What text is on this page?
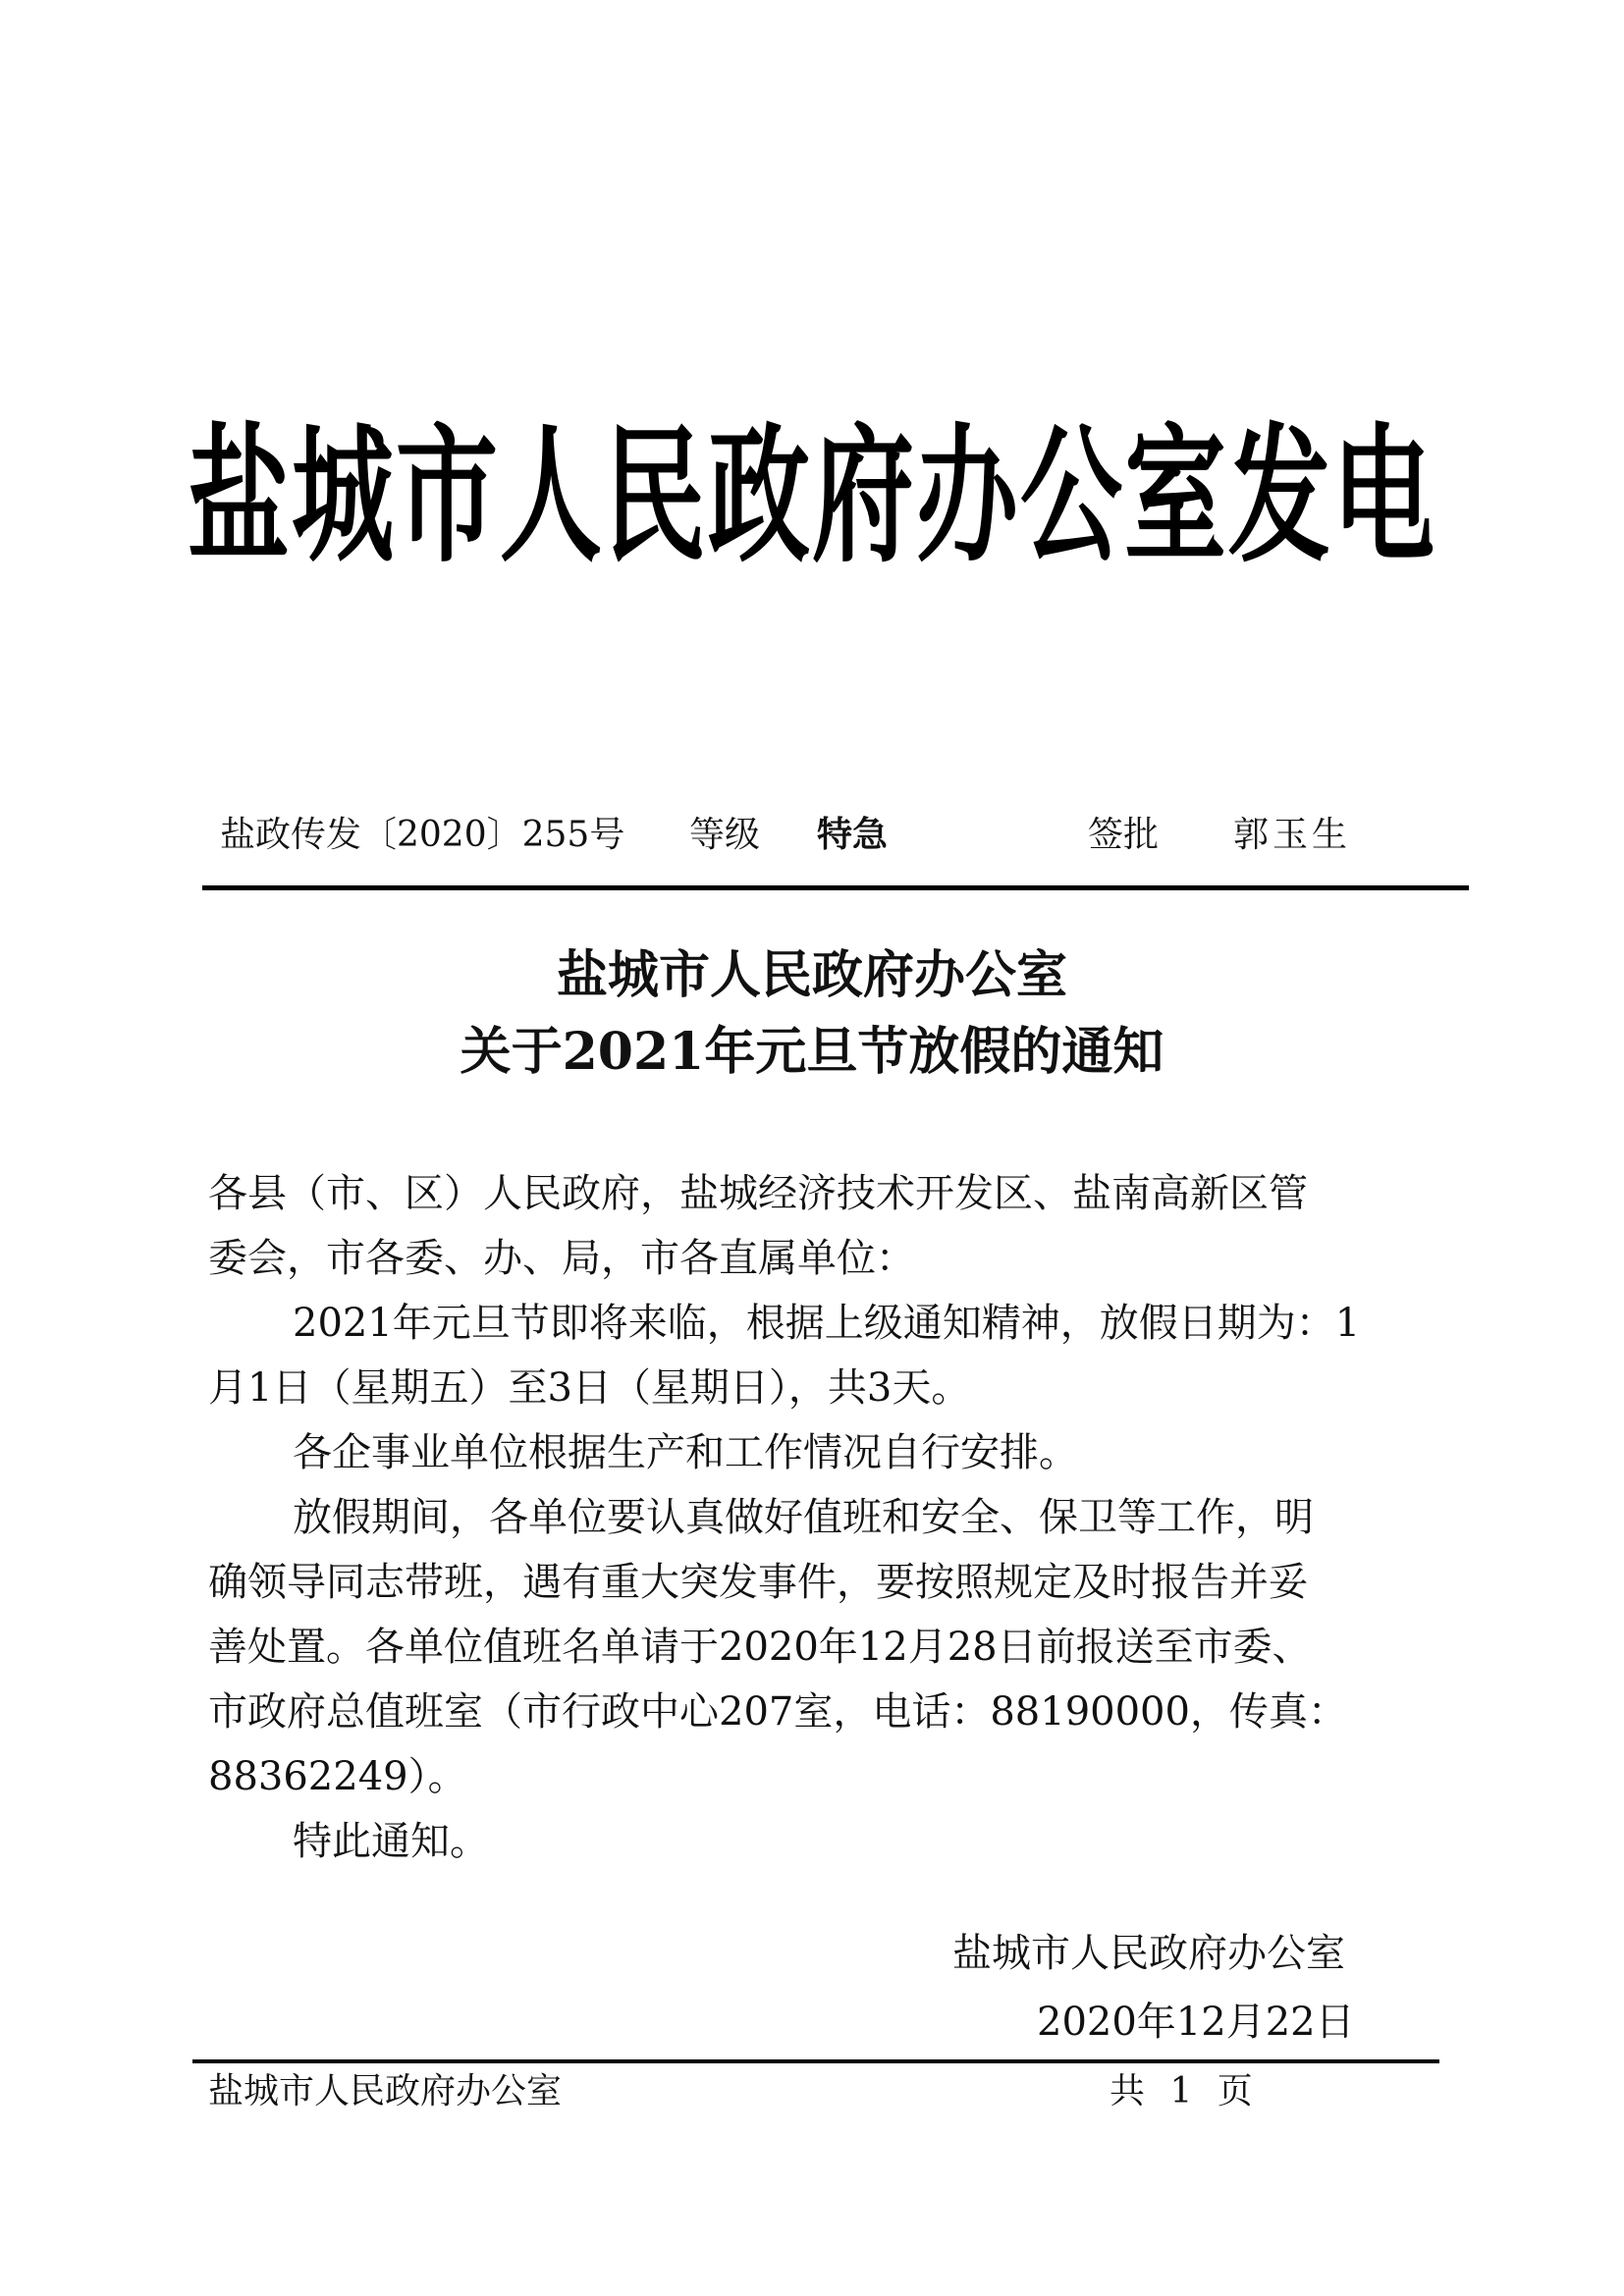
盐城市人民政府办公室发电
盐政传发〔2020〕255号 等级 特急	签批 郭玉生
盐城市人民政府办公室
关于2021年元旦节放假的通知
各县（市、区）人民政府，盐城经济技术开发区、盐南高新区管
委会，市各委、办、局，市各直属单位：
2021年元旦节即将来临，根据上级通知精神，放假日期为：1
月1日（星期五）至3日（星期日），共3天。
各企事业单位根据生产和工作情况自行安排。
放假期间，各单位要认真做好值班和安全、保卫等工作，明
确领导同志带班，遇有重大突发事件，要按照规定及时报告并妥
善处置。各单位值班名单请于2020年12月28日前报送至市委、
市政府总值班室（市行政中心207室，电话：88190000，传真：
88362249）。
特此通知。
盐城市人民政府办公室
2020年12月22日
盐城市人民政府办公室	共 1 页
